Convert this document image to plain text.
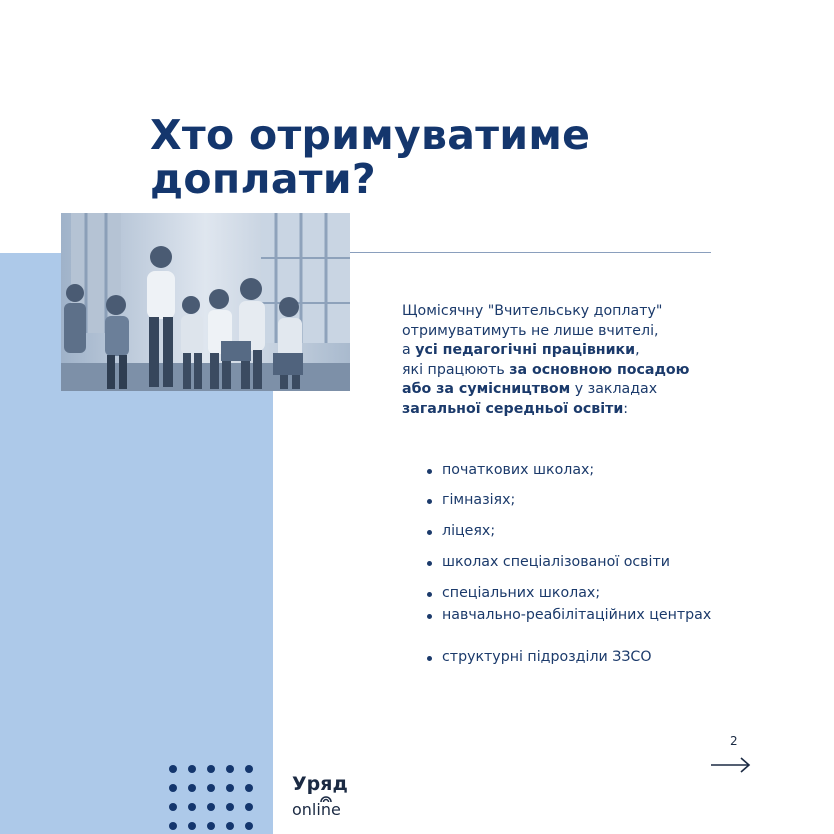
Хто отримуватиме
доплати?

Щомісячну "Вчительську доплату" отримуватимуть не лише вчителі,
а усі педагогічні працівники,
які працюють за основною посадою або за сумісництвом у закладах
загальної середньої освіти:

початкових школах;
гімназіях;
ліцеях;
школах спеціалізованої освіти
спеціальних школах;
навчально-реабілітаційних центрах
структурні підрозділи ЗЗСО
Уряд
online
2
